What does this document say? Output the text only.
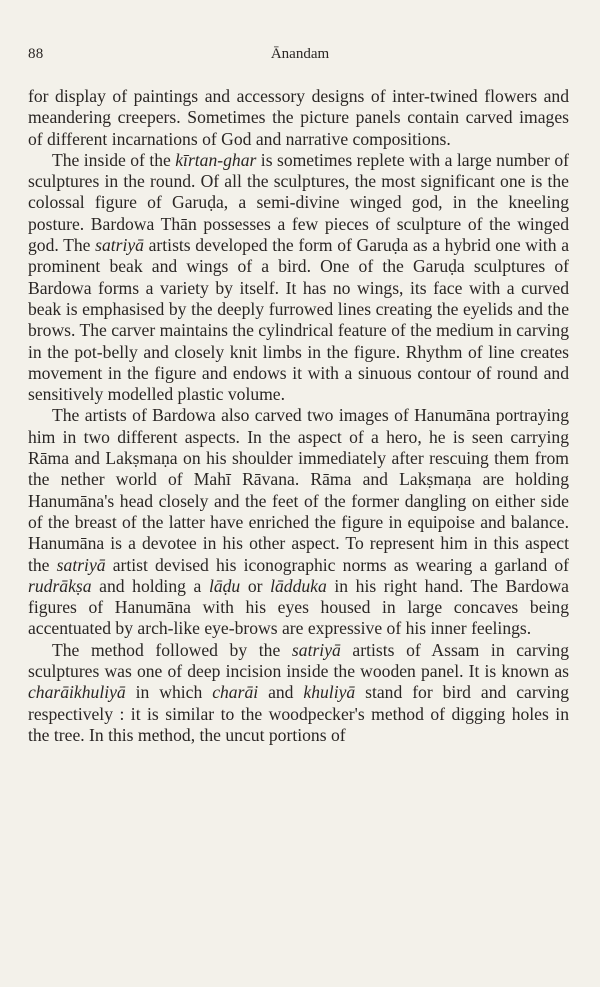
88	Ānandam

for display of paintings and accessory designs of inter-twined flowers and meandering creepers. Sometimes the picture panels contain carved images of different incarnations of God and narrative compositions.

The inside of the kīrtan-ghar is sometimes replete with a large number of sculptures in the round. Of all the sculptures, the most significant one is the colossal figure of Garuḍa, a semi-divine winged god, in the kneeling posture. Bardowa Thān possesses a few pieces of sculpture of the winged god. The satriyā artists developed the form of Garuḍa as a hybrid one with a prominent beak and wings of a bird. One of the Garuḍa sculptures of Bardowa forms a variety by itself. It has no wings, its face with a curved beak is emphasised by the deeply furrowed lines creating the eyelids and the brows. The carver maintains the cylindrical feature of the medium in carving in the pot-belly and closely knit limbs in the figure. Rhythm of line creates movement in the figure and endows it with a sinuous contour of round and sensitively modelled plastic volume.

The artists of Bardowa also carved two images of Hanumāna portraying him in two different aspects. In the aspect of a hero, he is seen carrying Rāma and Lakṣmaṇa on his shoulder immediately after rescuing them from the nether world of Mahī Rāvana. Rāma and Lakṣmaṇa are holding Hanumāna's head closely and the feet of the former dangling on either side of the breast of the latter have enriched the figure in equipoise and balance. Hanumāna is a devotee in his other aspect. To represent him in this aspect the satriyā artist devised his iconographic norms as wearing a garland of rudrākṣa and holding a lāḍu or lādduka in his right hand. The Bardowa figures of Hanumāna with his eyes housed in large concaves being accentuated by arch-like eye-brows are expressive of his inner feelings.

The method followed by the satriyā artists of Assam in carving sculptures was one of deep incision inside the wooden panel. It is known as charāikhuliyā in which charāi and khuliyā stand for bird and carving respectively : it is similar to the woodpecker's method of digging holes in the tree. In this method, the uncut portions of
